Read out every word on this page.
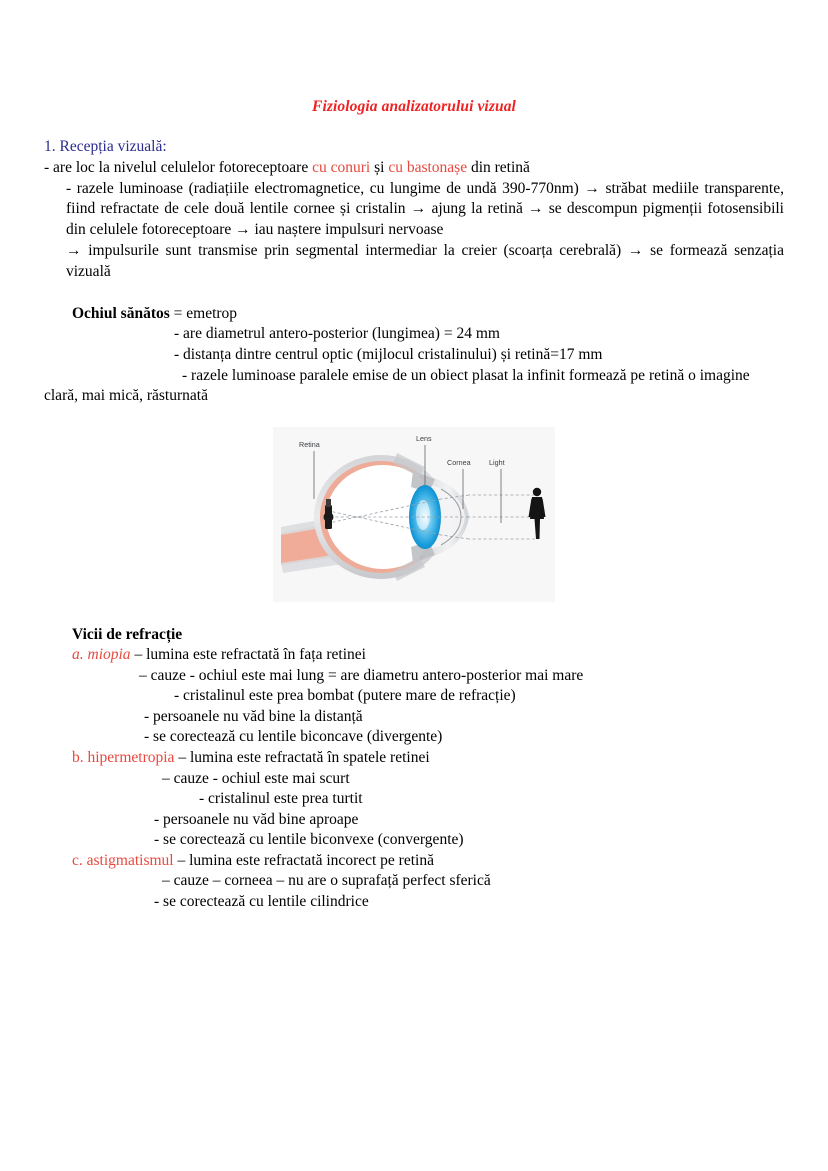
Fiziologia analizatorului vizual
1. Recepția vizuală:
- are loc la nivelul celulelor fotoreceptoare cu conuri și cu bastonașe din retină
- razele luminoase (radiațiile electromagnetice, cu lungime de undă 390-770nm) → străbat mediile transparente, fiind refractate de cele două lentile cornee și cristalin → ajung la retină → se descompun pigmenții fotosensibili din celulele fotoreceptoare → iau naștere impulsuri nervoase
→ impulsurile sunt transmise prin segmental intermediar la creier (scoarța cerebrală) → se formează senzația vizuală
Ochiul sănătos = emetrop
- are diametrul antero-posterior (lungimea) = 24 mm
- distanța dintre centrul optic (mijlocul cristalinului) și retină=17 mm
- razele luminoase paralele emise de un obiect plasat la infinit formează pe retină o imagine
clară, mai mică, răsturnată
Retina
Lens
Cornea	Light
Vicii de refracție
a. miopia – lumina este refractată în fața retinei
– cauze - ochiul este mai lung = are diametru antero-posterior mai mare
- cristalinul este prea bombat (putere mare de refracție)
- persoanele nu văd bine la distanță
- se corectează cu lentile biconcave (divergente)
b. hipermetropia – lumina este refractată în spatele retinei
– cauze - ochiul este mai scurt
- cristalinul este prea turtit
- persoanele nu văd bine aproape
- se corectează cu lentile biconvexe (convergente)
c. astigmatismul – lumina este refractată incorect pe retină
– cauze – corneea – nu are o suprafață perfect sferică
- se corectează cu lentile cilindrice
